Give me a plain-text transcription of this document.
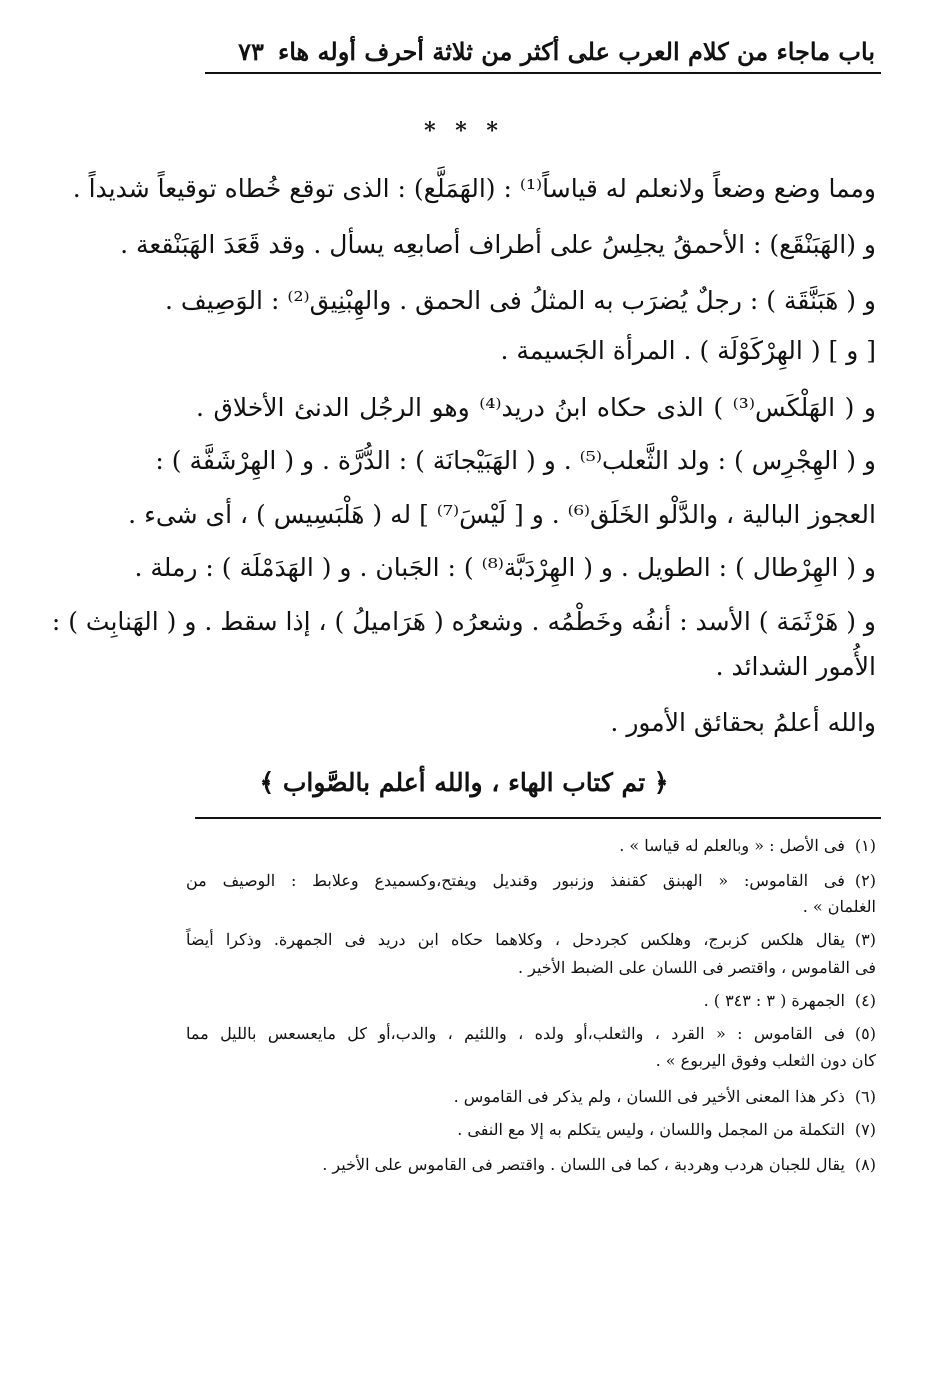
باب ماجاء من كلام العرب على أكثر من ثلاثة أحرف أوله هاء
٧٣
* * *
ومما وضع وضعاً ولانعلم له قياساً⁽¹⁾ : (الهَمَلَّع) : الذى توقع خُطاه توقيعاً شديداً .
و (الهَبَنْقَع) : الأحمقُ يجلِسُ على أطراف أصابعِه يسأل . وقد قَعَدَ الهَبَنْقعة .
و ( هَبَنَّقَة ) : رجلٌ يُضرَب به المثلُ فى الحمق . والهِبْنِيق⁽²⁾ : الوَصِيف .
[ و ] ( الهِرْكَوْلَة ) . المرأة الجَسيمة .
و ( الهَلْكَس⁽³⁾ ) الذى حكاه ابنُ دريد⁽⁴⁾ وهو الرجُل الدنئ الأخلاق .
و ( الهِجْرِس ) : ولد الثَّعلب⁽⁵⁾ . و ( الهَبَيْجانَة ) : الدُّرَّة . و ( الهِرْشَفَّة ) :
العجوز البالية ، والدَّلْو الخَلَق⁽⁶⁾ . و [ لَيْسَ⁽⁷⁾ ] له ( هَلْبَسِيس ) ، أى شىء .
و ( الهِرْطال ) : الطويل . و ( الهِرْدَبَّة⁽⁸⁾ ) : الجَبان . و ( الهَدَمْلَة ) : رملة .
و ( هَرْثَمَة ) الأسد : أنفُه وخَطْمُه . وشعرُه ( هَرَاميلُ ) ، إذا سقط . و ( الهَنابِث ) :
الأُمور الشدائد .
والله أعلمُ بحقائق الأمور .
﴿ تم كتاب الهاء ، والله أعلم بالصَّواب ﴾
(١)فى الأصل : « وبالعلم له قياسا » .
(٢)فى القاموس: « الهبنق كقنفذ وزنبور وقنديل ويفتح،وكسميدع وعلابط : الوصيف من
الغلمان » .
(٣)يقال هلكس كزبرج، وهلكس كجردحل ، وكلاهما حكاه ابن دريد فى الجمهرة. وذكرا أيضاً
فى القاموس ، واقتصر فى اللسان على الضبط الأخير .
(٤)الجمهرة ( ٣ : ٣٤٣ ) .
(٥)فى القاموس : « القرد ، والثعلب،أو ولده ، واللئيم ، والدب،أو كل مايعسعس بالليل مما
كان دون الثعلب وفوق اليربوع » .
(٦)ذكر هذا المعنى الأخير فى اللسان ، ولم يذكر فى القاموس .
(٧)التكملة من المجمل واللسان ، وليس يتكلم به إلا مع النفى .
(٨)يقال للجبان هردب وهردبة ، كما فى اللسان . واقتصر فى القاموس على الأخير .
